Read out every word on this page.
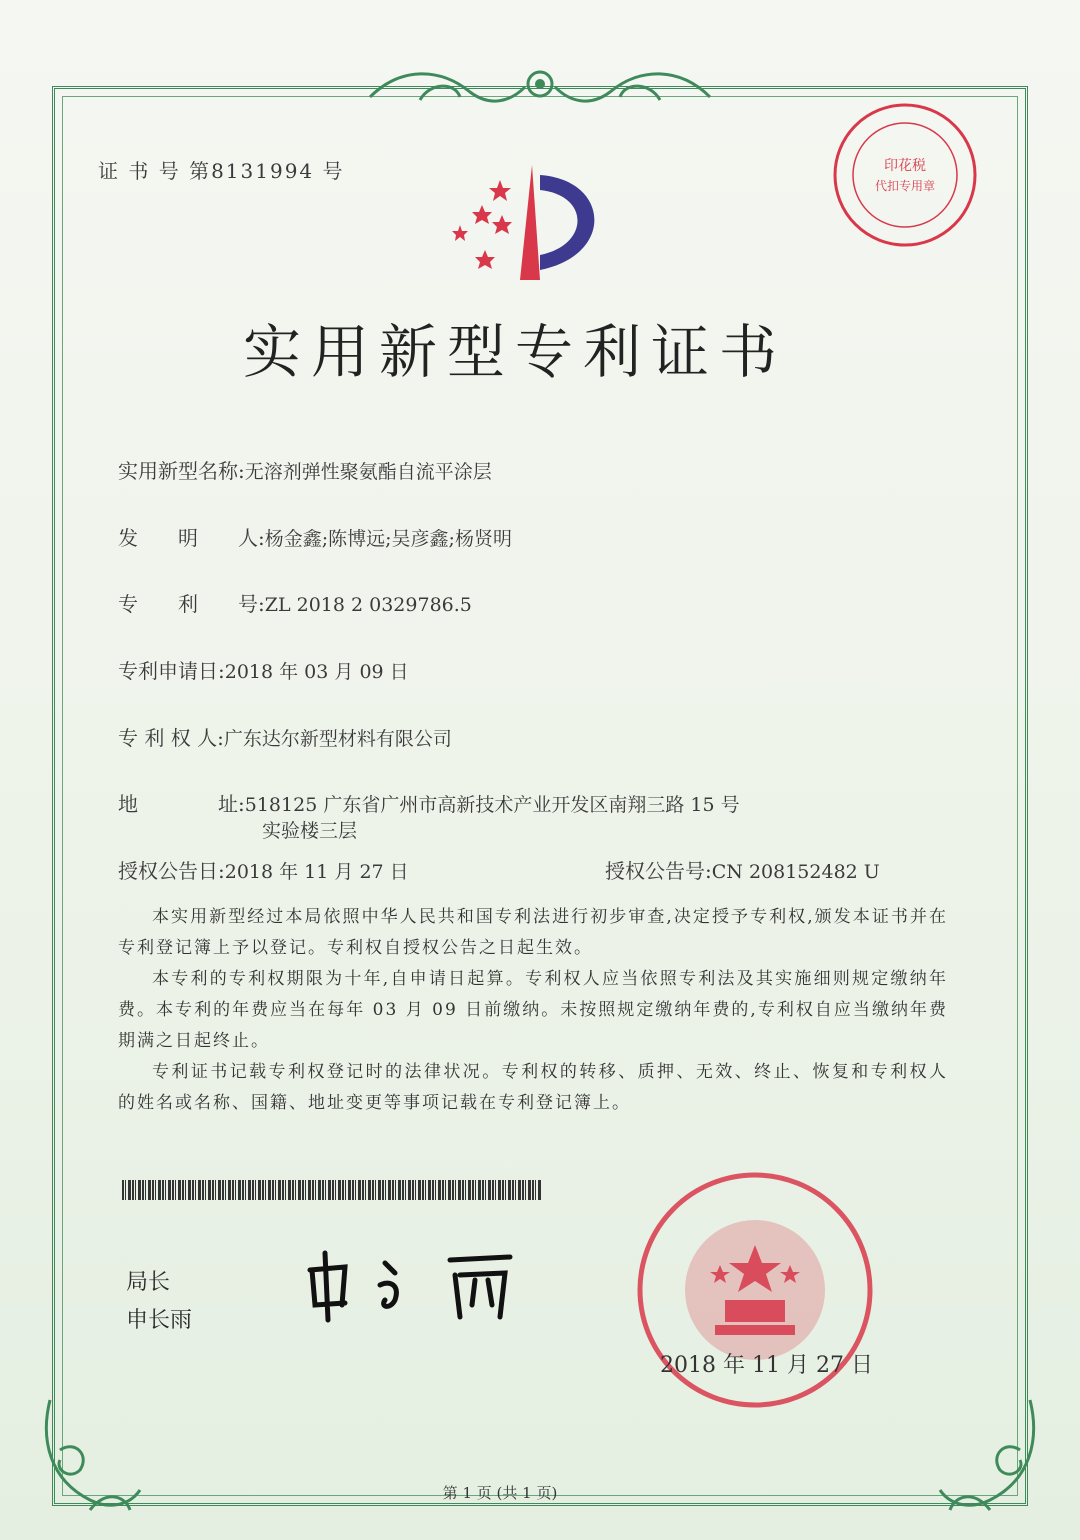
证 书 号 第8131994 号	印花税
代扣专用章
实用新型专利证书
实用新型名称:无溶剂弹性聚氨酯自流平涂层
发　　明　　人:杨金鑫;陈博远;吴彦鑫;杨贤明
专　　利　　号:ZL 2018 2 0329786.5
专利申请日:2018 年 03 月 09 日
专 利 权 人:广东达尔新型材料有限公司
地　　　　址:518125 广东省广州市高新技术产业开发区南翔三路 15 号
实验楼三层
授权公告日:2018 年 11 月 27 日	授权公告号:CN 208152482 U

本实用新型经过本局依照中华人民共和国专利法进行初步审查,决定授予专利权,颁发本证书并在专利登记簿上予以登记。专利权自授权公告之日起生效。

本专利的专利权期限为十年,自申请日起算。专利权人应当依照专利法及其实施细则规定缴纳年费。本专利的年费应当在每年 03 月 09 日前缴纳。未按照规定缴纳年费的,专利权自应当缴纳年费期满之日起终止。

专利证书记载专利权登记时的法律状况。专利权的转移、质押、无效、终止、恢复和专利权人的姓名或名称、国籍、地址变更等事项记载在专利登记簿上。

局长
申长雨
2018 年 11 月 27 日
第 1 页 (共 1 页)
